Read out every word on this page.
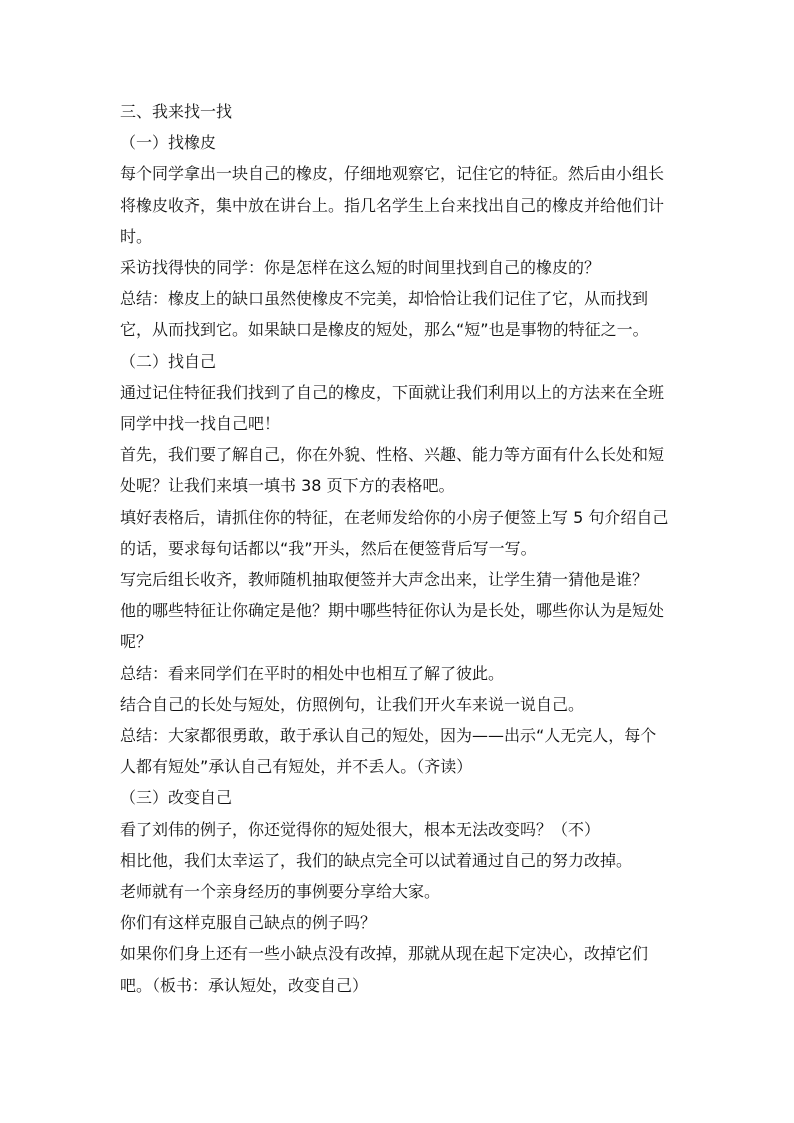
三、我来找一找

（一）找橡皮

每个同学拿出一块自己的橡皮，仔细地观察它，记住它的特征。然后由小组长

将橡皮收齐，集中放在讲台上。指几名学生上台来找出自己的橡皮并给他们计

时。

采访找得快的同学：你是怎样在这么短的时间里找到自己的橡皮的？

总结：橡皮上的缺口虽然使橡皮不完美，却恰恰让我们记住了它，从而找到

它，从而找到它。如果缺口是橡皮的短处，那么“短”也是事物的特征之一。

（二）找自己

通过记住特征我们找到了自己的橡皮，下面就让我们利用以上的方法来在全班

同学中找一找自己吧！

首先，我们要了解自己，你在外貌、性格、兴趣、能力等方面有什么长处和短

处呢？让我们来填一填书 38 页下方的表格吧。

填好表格后，请抓住你的特征，在老师发给你的小房子便签上写 5 句介绍自己

的话，要求每句话都以“我”开头，然后在便签背后写一写。

写完后组长收齐，教师随机抽取便签并大声念出来，让学生猜一猜他是谁？

他的哪些特征让你确定是他？期中哪些特征你认为是长处，哪些你认为是短处

呢？

总结：看来同学们在平时的相处中也相互了解了彼此。

结合自己的长处与短处，仿照例句，让我们开火车来说一说自己。

总结：大家都很勇敢，敢于承认自己的短处，因为——出示“人无完人，每个

人都有短处”承认自己有短处，并不丢人。（齐读）

（三）改变自己

看了刘伟的例子，你还觉得你的短处很大，根本无法改变吗？（不）

相比他，我们太幸运了，我们的缺点完全可以试着通过自己的努力改掉。

老师就有一个亲身经历的事例要分享给大家。

你们有这样克服自己缺点的例子吗？

如果你们身上还有一些小缺点没有改掉，那就从现在起下定决心，改掉它们

吧。（板书：承认短处，改变自己）
